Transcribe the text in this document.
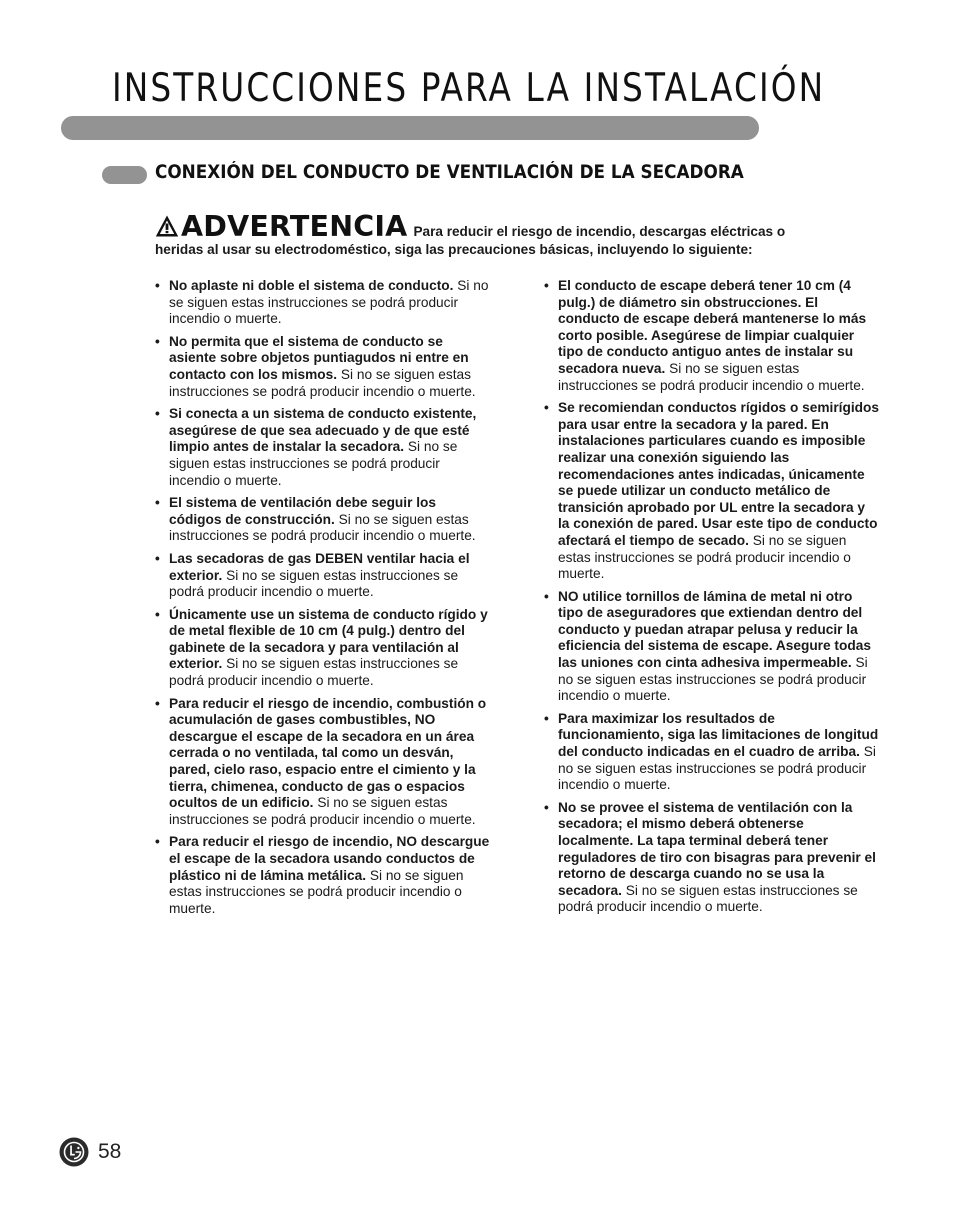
INSTRUCCIONES PARA LA INSTALACIÓN
CONEXIÓN DEL CONDUCTO DE VENTILACIÓN DE LA SECADORA
ADVERTENCIA Para reducir el riesgo de incendio, descargas eléctricas o
heridas al usar su electrodoméstico, siga las precauciones básicas, incluyendo lo siguiente:
• No aplaste ni doble el sistema de conducto. Si no se siguen estas instrucciones se podrá producir incendio o muerte.
• No permita que el sistema de conducto se asiente sobre objetos puntiagudos ni entre en contacto con los mismos. Si no se siguen estas instrucciones se podrá producir incendio o muerte.
• Si conecta a un sistema de conducto existente, asegúrese de que sea adecuado y de que esté limpio antes de instalar la secadora. Si no se siguen estas instrucciones se podrá producir incendio o muerte.
• El sistema de ventilación debe seguir los códigos de construcción. Si no se siguen estas instrucciones se podrá producir incendio o muerte.
• Las secadoras de gas DEBEN ventilar hacia el exterior. Si no se siguen estas instrucciones se podrá producir incendio o muerte.
• Únicamente use un sistema de conducto rígido y de metal flexible de 10 cm (4 pulg.) dentro del gabinete de la secadora y para ventilación al exterior. Si no se siguen estas instrucciones se podrá producir incendio o muerte.
• Para reducir el riesgo de incendio, combustión o acumulación de gases combustibles, NO descargue el escape de la secadora en un área cerrada o no ventilada, tal como un desván, pared, cielo raso, espacio entre el cimiento y la tierra, chimenea, conducto de gas o espacios ocultos de un edificio. Si no se siguen estas instrucciones se podrá producir incendio o muerte.
• Para reducir el riesgo de incendio, NO descargue el escape de la secadora usando conductos de plástico ni de lámina metálica. Si no se siguen estas instrucciones se podrá producir incendio o muerte.
• El conducto de escape deberá tener 10 cm (4 pulg.) de diámetro sin obstrucciones. El conducto de escape deberá mantenerse lo más corto posible. Asegúrese de limpiar cualquier tipo de conducto antiguo antes de instalar su secadora nueva. Si no se siguen estas instrucciones se podrá producir incendio o muerte.
• Se recomiendan conductos rígidos o semirígidos para usar entre la secadora y la pared. En instalaciones particulares cuando es imposible realizar una conexión siguiendo las recomendaciones antes indicadas, únicamente se puede utilizar un conducto metálico de transición aprobado por UL entre la secadora y la conexión de pared. Usar este tipo de conducto afectará el tiempo de secado. Si no se siguen estas instrucciones se podrá producir incendio o muerte.
• NO utilice tornillos de lámina de metal ni otro tipo de aseguradores que extiendan dentro del conducto y puedan atrapar pelusa y reducir la eficiencia del sistema de escape. Asegure todas las uniones con cinta adhesiva impermeable. Si no se siguen estas instrucciones se podrá producir incendio o muerte.
• Para maximizar los resultados de funcionamiento, siga las limitaciones de longitud del conducto indicadas en el cuadro de arriba. Si no se siguen estas instrucciones se podrá producir incendio o muerte.
• No se provee el sistema de ventilación con la secadora; el mismo deberá obtenerse localmente. La tapa terminal deberá tener reguladores de tiro con bisagras para prevenir el retorno de descarga cuando no se usa la secadora. Si no se siguen estas instrucciones se podrá producir incendio o muerte.
58
